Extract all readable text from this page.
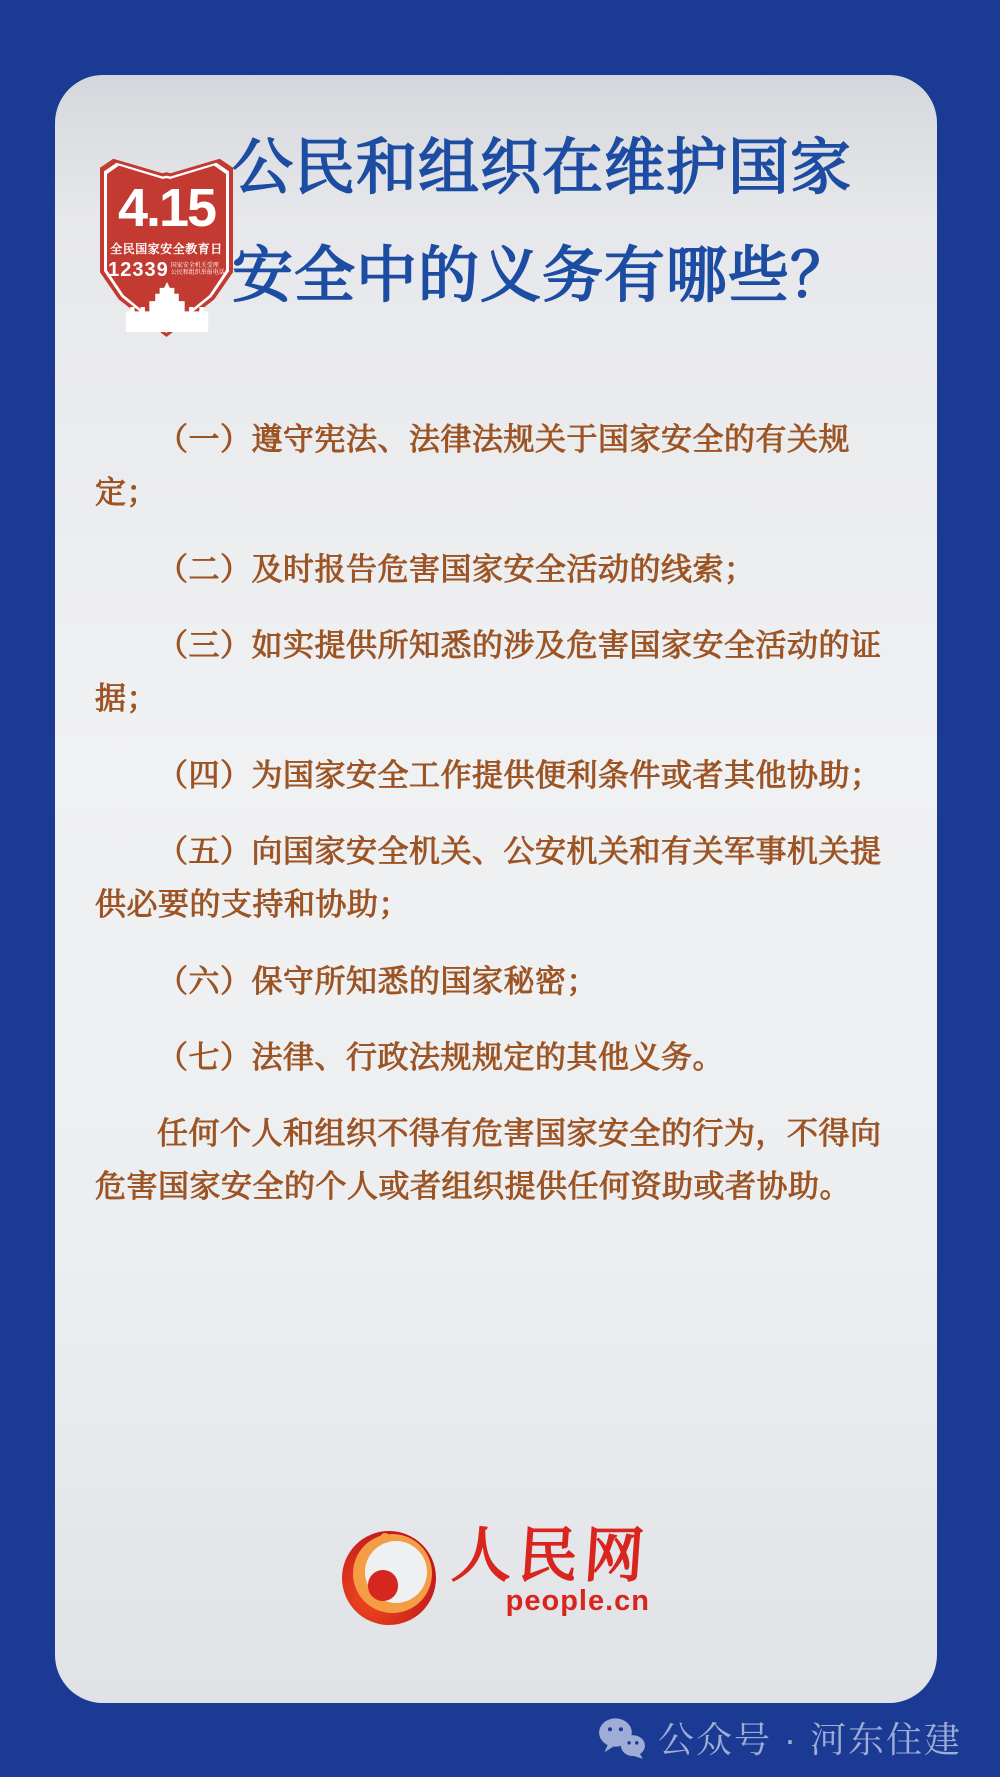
4.15
全民国家安全教育日
12339 国家安全机关受理
公民和组织举报电话
公民和组织在维护国家
安全中的义务有哪些？

（一）遵守宪法、法律法规关于国家安全的有关规定；

（二）及时报告危害国家安全活动的线索；

（三）如实提供所知悉的涉及危害国家安全活动的证据；

（四）为国家安全工作提供便利条件或者其他协助；

（五）向国家安全机关、公安机关和有关军事机关提供必要的支持和协助；

（六）保守所知悉的国家秘密；

（七）法律、行政法规规定的其他义务。

任何个人和组织不得有危害国家安全的行为，不得向危害国家安全的个人或者组织提供任何资助或者协助。

人民网
people.cn
公众号 · 河东住建
